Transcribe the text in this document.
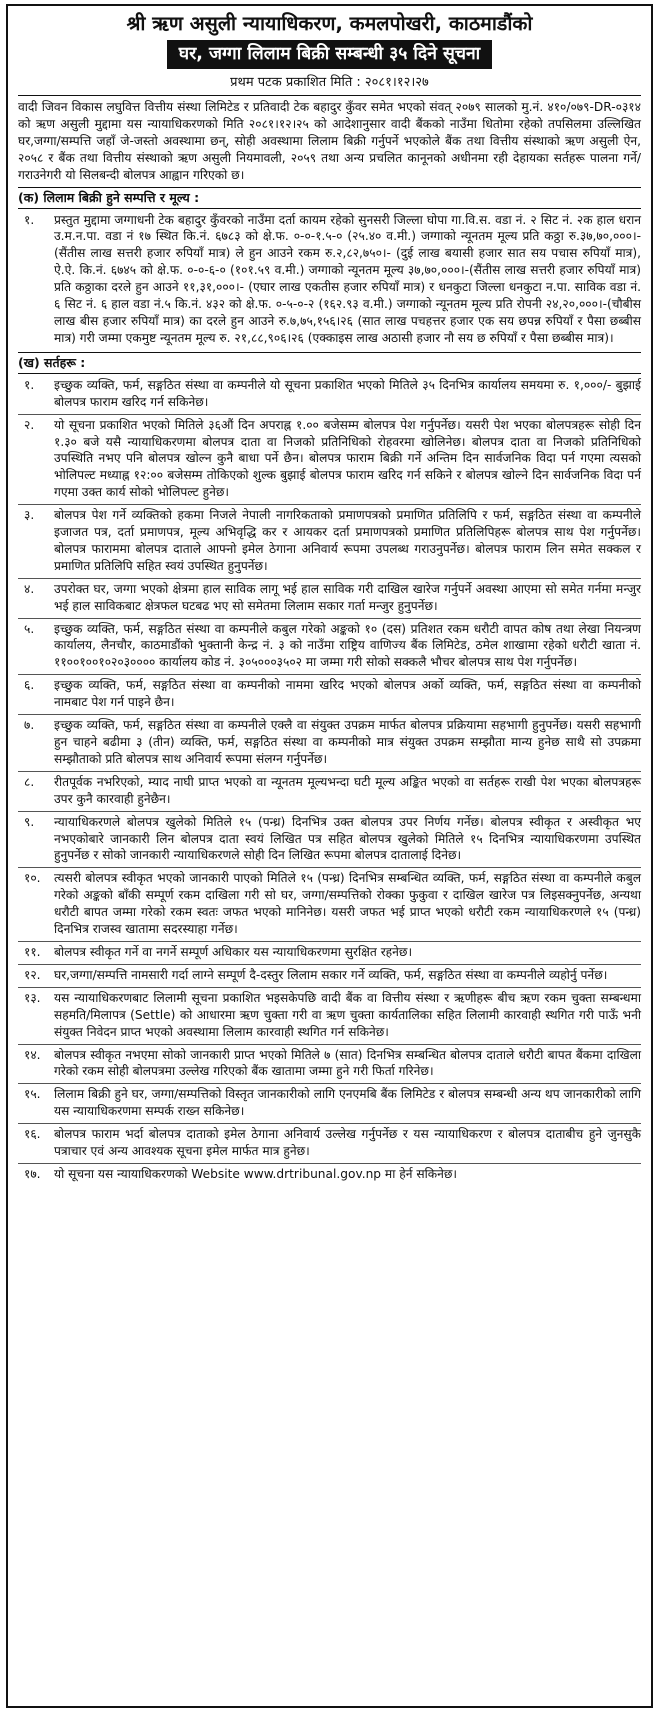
श्री ऋण असुली न्यायाधिकरण, कमलपोखरी, काठमाडौंको
घर, जग्गा लिलाम बिक्री सम्बन्धी ३५ दिने सूचना
प्रथम पटक प्रकाशित मिति : २०८१।१२।२७
वादी जिवन विकास लघुवित्त वित्तीय संस्था लिमिटेड र प्रतिवादी टेक बहादुर कुँवर समेत भएको संवत् २०७९ सालको मु.नं. ४१०/०७९-DR-०३१४ को ऋण असुली मुद्दामा यस न्यायाधिकरणको मिति २०८१।१२।२५ को आदेशानुसार वादी बैंकको नाउँमा धितोमा रहेको तपसिलमा उल्लिखित घर,जग्गा/सम्पत्ति जहाँ जे-जस्तो अवस्थामा छन्, सोही अवस्थामा लिलाम बिक्री गर्नुपर्ने भएकोले बैंक तथा वित्तीय संस्थाको ऋण असुली ऐन, २०५८ र बैंक तथा वित्तीय संस्थाको ऋण असुली नियमावली, २०५९ तथा अन्य प्रचलित कानूनको अधीनमा रही देहायका सर्तहरू पालना गर्ने/गराउनेगरी यो सिलबन्दी बोलपत्र आह्वान गरिएको छ।
(क) लिलाम बिक्री हुने सम्पत्ति र मूल्य :
१.	प्रस्तुत मुद्दामा जग्गाधनी टेक बहादुर कुँवरको नाउँमा दर्ता कायम रहेको सुनसरी जिल्ला घोपा गा.वि.स. वडा नं. २ सिट नं. २क हाल धरान उ.म.न.पा. वडा नं १७ स्थित कि.नं. ६७८३ को क्षे.फ. ०-०-१.५-० (२५.४० व.मी.) जग्गाको न्यूनतम मूल्य प्रति कठ्ठा रु.३७,७०,०००।-(सैंतीस लाख सत्तरी हजार रुपियाँ मात्र) ले हुन आउने रकम रु.२,८२,७५०।- (दुई लाख बयासी हजार सात सय पचास रुपियाँ मात्र), ऐ.ऐ. कि.नं. ६७४५ को क्षे.फ. ०-०-६-० (१०१.५९ व.मी.) जग्गाको न्यूनतम मूल्य ३७,७०,०००।-(सैंतीस लाख सत्तरी हजार रुपियाँ मात्र) प्रति कठ्ठाका दरले हुन आउने ११,३१,०००।- (एघार लाख एकतीस हजार रुपियाँ मात्र) र धनकुटा जिल्ला धनकुटा न.पा. साविक वडा नं. ६ सिट नं. ६ हाल वडा नं.५ कि.नं. ४३२ को क्षे.फ. ०-५-०-२ (१६२.९३ व.मी.) जग्गाको न्यूनतम मूल्य प्रति रोपनी २४,२०,०००।-(चौबीस लाख बीस हजार रुपियाँ मात्र) का दरले हुन आउने रु.७,७५,१५६।२६ (सात लाख पचहत्तर हजार एक सय छपन्न रुपियाँ र पैसा छब्बीस मात्र) गरी जम्मा एकमुष्ट न्यूनतम मूल्य रु. २१,८८,९०६।२६ (एक्काइस लाख अठासी हजार नौ सय छ रुपियाँ र पैसा छब्बीस मात्र)।
(ख) सर्तहरू :
१.	इच्छुक व्यक्ति, फर्म, सङ्गठित संस्था वा कम्पनीले यो सूचना प्रकाशित भएको मितिले ३५ दिनभित्र कार्यालय समयमा रु. १,०००/- बुझाई बोलपत्र फाराम खरिद गर्न सकिनेछ।
२.	यो सूचना प्रकाशित भएको मितिले ३६औं दिन अपराह्न १.०० बजेसम्म बोलपत्र पेश गर्नुपर्नेछ। यसरी पेश भएका बोलपत्रहरू सोही दिन १.३० बजे यसै न्यायाधिकरणमा बोलपत्र दाता वा निजको प्रतिनिधिको रोहवरमा खोलिनेछ। बोलपत्र दाता वा निजको प्रतिनिधिको उपस्थिति नभए पनि बोलपत्र खोल्न कुनै बाधा पर्ने छैन। बोलपत्र फाराम बिक्री गर्ने अन्तिम दिन सार्वजनिक विदा पर्न गएमा त्यसको भोलिपल्ट मध्याह्न १२:०० बजेसम्म तोकिएको शुल्क बुझाई बोलपत्र फाराम खरिद गर्न सकिने र बोलपत्र खोल्ने दिन सार्वजनिक विदा पर्न गएमा उक्त कार्य सोको भोलिपल्ट हुनेछ।
३.	बोलपत्र पेश गर्ने व्यक्तिको हकमा निजले नेपाली नागरिकताको प्रमाणपत्रको प्रमाणित प्रतिलिपि र फर्म, सङ्गठित संस्था वा कम्पनीले इजाजत पत्र, दर्ता प्रमाणपत्र, मूल्य अभिवृद्धि कर र आयकर दर्ता प्रमाणपत्रको प्रमाणित प्रतिलिपिहरू बोलपत्र साथ पेश गर्नुपर्नेछ। बोलपत्र फाराममा बोलपत्र दाताले आफ्नो इमेल ठेगाना अनिवार्य रूपमा उपलब्ध गराउनुपर्नेछ। बोलपत्र फाराम लिन समेत सक्कल र प्रमाणित प्रतिलिपि सहित स्वयं उपस्थित हुनुपर्नेछ।
४.	उपरोक्त घर, जग्गा भएको क्षेत्रमा हाल साविक लागू भई हाल साविक गरी दाखिल खारेज गर्नुपर्ने अवस्था आएमा सो समेत गर्नमा मन्जुर भई हाल साविकबाट क्षेत्रफल घटबढ भए सो समेतमा लिलाम सकार गर्ता मन्जुर हुनुपर्नेछ।
५.	इच्छुक व्यक्ति, फर्म, सङ्गठित संस्था वा कम्पनीले कबुल गरेको अङ्कको १० (दस) प्रतिशत रकम धरौटी वापत कोष तथा लेखा नियन्त्रण कार्यालय, लैनचौर, काठमाडौंको भुक्तानी केन्द्र नं. ३ को नाउँमा राष्ट्रिय वाणिज्य बैंक लिमिटेड, ठमेल शाखामा रहेको धरौटी खाता नं. ११००१००१०२०३०००० कार्यालय कोड नं. ३०५०००३५०२ मा जम्मा गरी सोको सक्कलै भौचर बोलपत्र साथ पेश गर्नुपर्नेछ।
६.	इच्छुक व्यक्ति, फर्म, सङ्गठित संस्था वा कम्पनीको नाममा खरिद भएको बोलपत्र अर्को व्यक्ति, फर्म, सङ्गठित संस्था वा कम्पनीको नामबाट पेश गर्न पाइने छैन।
७.	इच्छुक व्यक्ति, फर्म, सङ्गठित संस्था वा कम्पनीले एक्लै वा संयुक्त उपक्रम मार्फत बोलपत्र प्रक्रियामा सहभागी हुनुपर्नेछ। यसरी सहभागी हुन चाहने बढीमा ३ (तीन) व्यक्ति, फर्म, सङ्गठित संस्था वा कम्पनीको मात्र संयुक्त उपक्रम सम्झौता मान्य हुनेछ साथै सो उपक्रमा सम्झौताको प्रति बोलपत्र साथ अनिवार्य रूपमा संलग्न गर्नुपर्नेछ।
८.	रीतपूर्वक नभरिएको, म्याद नाघी प्राप्त भएको वा न्यूनतम मूल्यभन्दा घटी मूल्य अङ्कित भएको वा सर्तहरू राखी पेश भएका बोलपत्रहरू उपर कुनै कारवाही हुनेछैन।
९.	न्यायाधिकरणले बोलपत्र खुलेको मितिले १५ (पन्ध्र) दिनभित्र उक्त बोलपत्र उपर निर्णय गर्नेछ। बोलपत्र स्वीकृत र अस्वीकृत भए नभएकोबारे जानकारी लिन बोलपत्र दाता स्वयं लिखित पत्र सहित बोलपत्र खुलेको मितिले १५ दिनभित्र न्यायाधिकरणमा उपस्थित हुनुपर्नेछ र सोको जानकारी न्यायाधिकरणले सोही दिन लिखित रूपमा बोलपत्र दातालाई दिनेछ।
१०.	त्यसरी बोलपत्र स्वीकृत भएको जानकारी पाएको मितिले १५ (पन्ध्र) दिनभित्र सम्बन्धित व्यक्ति, फर्म, सङ्गठित संस्था वा कम्पनीले कबुल गरेको अङ्कको बाँकी सम्पूर्ण रकम दाखिला गरी सो घर, जग्गा/सम्पत्तिको रोक्का फुकुवा र दाखिल खारेज पत्र लिइसक्नुपर्नेछ, अन्यथा धरौटी बापत जम्मा गरेको रकम स्वतः जफत भएको मानिनेछ। यसरी जफत भई प्राप्त भएको धरौटी रकम न्यायाधिकरणले १५ (पन्ध्र) दिनभित्र राजस्व खातामा सदरस्याहा गर्नेछ।
११.	बोलपत्र स्वीकृत गर्ने वा नगर्ने सम्पूर्ण अधिकार यस न्यायाधिकरणमा सुरक्षित रहनेछ।
१२.	घर,जग्गा/सम्पत्ति नामसारी गर्दा लाग्ने सम्पूर्ण दै-दस्तुर लिलाम सकार गर्ने व्यक्ति, फर्म, सङ्गठित संस्था वा कम्पनीले व्यहोर्नु पर्नेछ।
१३.	यस न्यायाधिकरणबाट लिलामी सूचना प्रकाशित भइसकेपछि वादी बैंक वा वित्तीय संस्था र ऋणीहरू बीच ऋण रकम चुक्ता सम्बन्धमा सहमति/मिलापत्र (Settle) को आधारमा ऋण चुक्ता गरी वा ऋण चुक्ता कार्यतालिका सहित लिलामी कारवाही स्थगित गरी पाऊँ भनी संयुक्त निवेदन प्राप्त भएको अवस्थामा लिलाम कारवाही स्थगित गर्न सकिनेछ।
१४.	बोलपत्र स्वीकृत नभएमा सोको जानकारी प्राप्त भएको मितिले ७ (सात) दिनभित्र सम्बन्धित बोलपत्र दाताले धरौटी बापत बैंकमा दाखिला गरेको रकम सोही बोलपत्रमा उल्लेख गरिएको बैंक खातामा जम्मा हुने गरी फिर्ता गरिनेछ।
१५.	लिलाम बिक्री हुने घर, जग्गा/सम्पत्तिको विस्तृत जानकारीको लागि एनएमबि बैंक लिमिटेड र बोलपत्र सम्बन्धी अन्य थप जानकारीको लागि यस न्यायाधिकरणमा सम्पर्क राख्न सकिनेछ।
१६.	बोलपत्र फाराम भर्दा बोलपत्र दाताको इमेल ठेगाना अनिवार्य उल्लेख गर्नुपर्नेछ र यस न्यायाधिकरण र बोलपत्र दाताबीच हुने जुनसुकै पत्राचार एवं अन्य आवश्यक सूचना इमेल मार्फत मात्र हुनेछ।
१७.	यो सूचना यस न्यायाधिकरणको Website www.drtribunal.gov.np मा हेर्न सकिनेछ।
